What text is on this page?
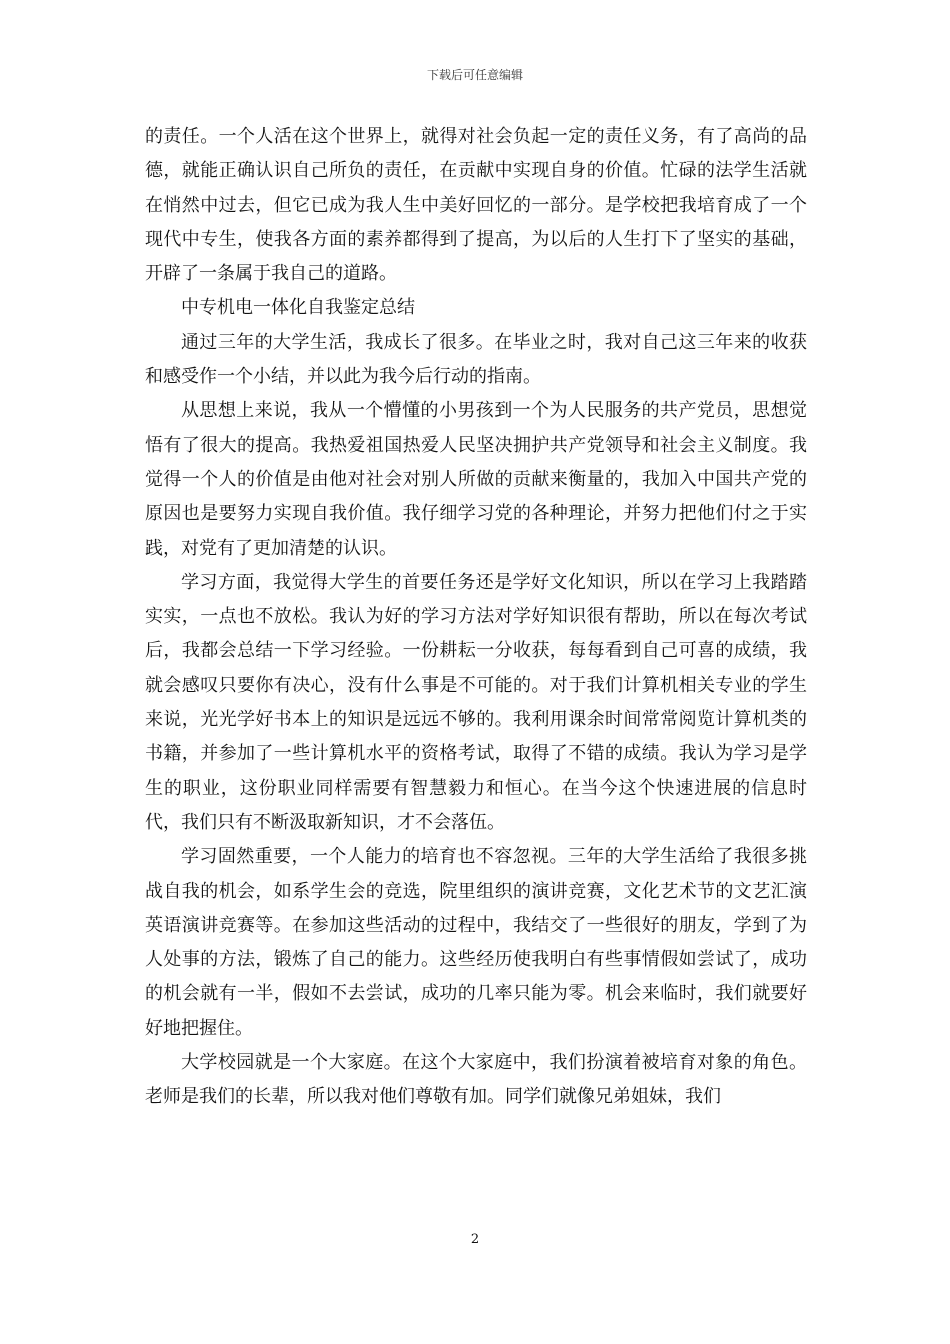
下载后可任意编辑

的责任。一个人活在这个世界上，就得对社会负起一定的责任义务，有了高尚的品德，就能正确认识自己所负的责任，在贡献中实现自身的价值。忙碌的法学生活就在悄然中过去，但它已成为我人生中美好回忆的一部分。是学校把我培育成了一个现代中专生，使我各方面的素养都得到了提高，为以后的人生打下了坚实的基础，开辟了一条属于我自己的道路。

中专机电一体化自我鉴定总结

通过三年的大学生活，我成长了很多。在毕业之时，我对自己这三年来的收获和感受作一个小结，并以此为我今后行动的指南。

从思想上来说，我从一个懵懂的小男孩到一个为人民服务的共产党员，思想觉悟有了很大的提高。我热爱祖国热爱人民坚决拥护共产党领导和社会主义制度。我觉得一个人的价值是由他对社会对别人所做的贡献来衡量的，我加入中国共产党的原因也是要努力实现自我价值。我仔细学习党的各种理论，并努力把他们付之于实践，对党有了更加清楚的认识。

学习方面，我觉得大学生的首要任务还是学好文化知识，所以在学习上我踏踏实实，一点也不放松。我认为好的学习方法对学好知识很有帮助，所以在每次考试后，我都会总结一下学习经验。一份耕耘一分收获，每每看到自己可喜的成绩，我就会感叹只要你有决心，没有什么事是不可能的。对于我们计算机相关专业的学生来说，光光学好书本上的知识是远远不够的。我利用课余时间常常阅览计算机类的书籍，并参加了一些计算机水平的资格考试，取得了不错的成绩。我认为学习是学生的职业，这份职业同样需要有智慧毅力和恒心。在当今这个快速进展的信息时代，我们只有不断汲取新知识，才不会落伍。

学习固然重要，一个人能力的培育也不容忽视。三年的大学生活给了我很多挑战自我的机会，如系学生会的竞选，院里组织的演讲竞赛，文化艺术节的文艺汇演英语演讲竞赛等。在参加这些活动的过程中，我结交了一些很好的朋友，学到了为人处事的方法，锻炼了自己的能力。这些经历使我明白有些事情假如尝试了，成功的机会就有一半，假如不去尝试，成功的几率只能为零。机会来临时，我们就要好好地把握住。

大学校园就是一个大家庭。在这个大家庭中，我们扮演着被培育对象的角色。老师是我们的长辈，所以我对他们尊敬有加。同学们就像兄弟姐妹，我们

2
